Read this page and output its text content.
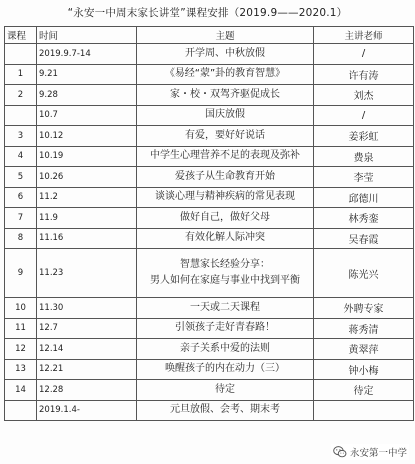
“永安一中周末家长讲堂”课程安排（2019.9——2020.1）
课程	时间	主题	主讲老师
	2019.9.7-14	开学周、中秋放假	/
1	9.21	《易经“蒙”卦的教育智慧》	许有涛
2	9.28	家・校・双驾齐驱促成长	刘杰
	10.7	国庆放假	/
3	10.12	有爱，要好好说话	姜彩虹
4	10.19	中学生心理营养不足的表现及弥补	费泉
5	10.26	爱孩子从生命教育开始	李莹
6	11.2	谈谈心理与精神疾病的常见表现	邱德川
7	11.9	做好自己，做好父母	林秀銮
8	11.16	有效化解人际冲突	吴春霞
9	11.23	智慧家长经验分享：
男人如何在家庭与事业中找到平衡	陈光兴
10	11.30	一天或二天课程	外聘专家
11	12.7	引领孩子走好青春路！	蒋秀清
12	12.14	亲子关系中爱的法则	黄翠萍
13	12.21	唤醒孩子的内在动力（三）	钟小梅
14	12.28	待定	待定
	2019.1.4-	元旦放假、会考、期末考	

永安第一中学
